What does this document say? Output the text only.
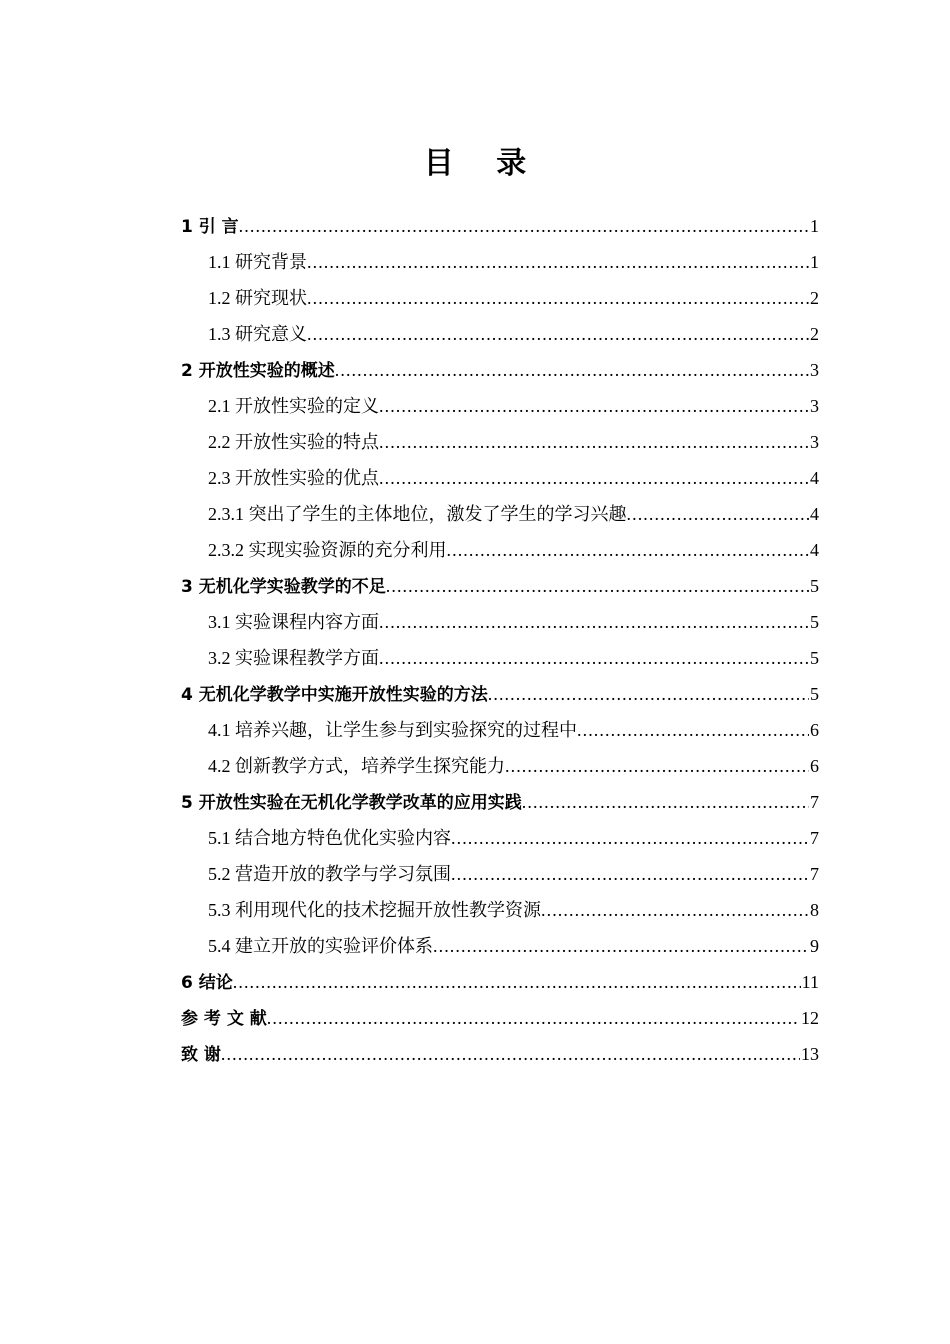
目 录
1 引 言 .....	1
1.1 研究背景 .....	1
1.2 研究现状 .....	2
1.3 研究意义 .....	2
2 开放性实验的概述 .....	3
2.1 开放性实验的定义 .....	3
2.2 开放性实验的特点 .....	3
2.3 开放性实验的优点 .....	4
2.3.1 突出了学生的主体地位，激发了学生的学习兴趣 .....	4
2.3.2 实现实验资源的充分利用 .....	4
3 无机化学实验教学的不足 .....	5
3.1 实验课程内容方面 .....	5
3.2 实验课程教学方面 .....	5
4 无机化学教学中实施开放性实验的方法 .....	5
4.1 培养兴趣，让学生参与到实验探究的过程中 .....	6
4.2 创新教学方式，培养学生探究能力 .....	6
5 开放性实验在无机化学教学改革的应用实践 .....	7
5.1 结合地方特色优化实验内容 .....	7
5.2 营造开放的教学与学习氛围 .....	7
5.3 利用现代化的技术挖掘开放性教学资源 .....	8
5.4 建立开放的实验评价体系 .....	9
6 结论 .....	11
参 考 文 献 .....	12
致 谢 .....	13
